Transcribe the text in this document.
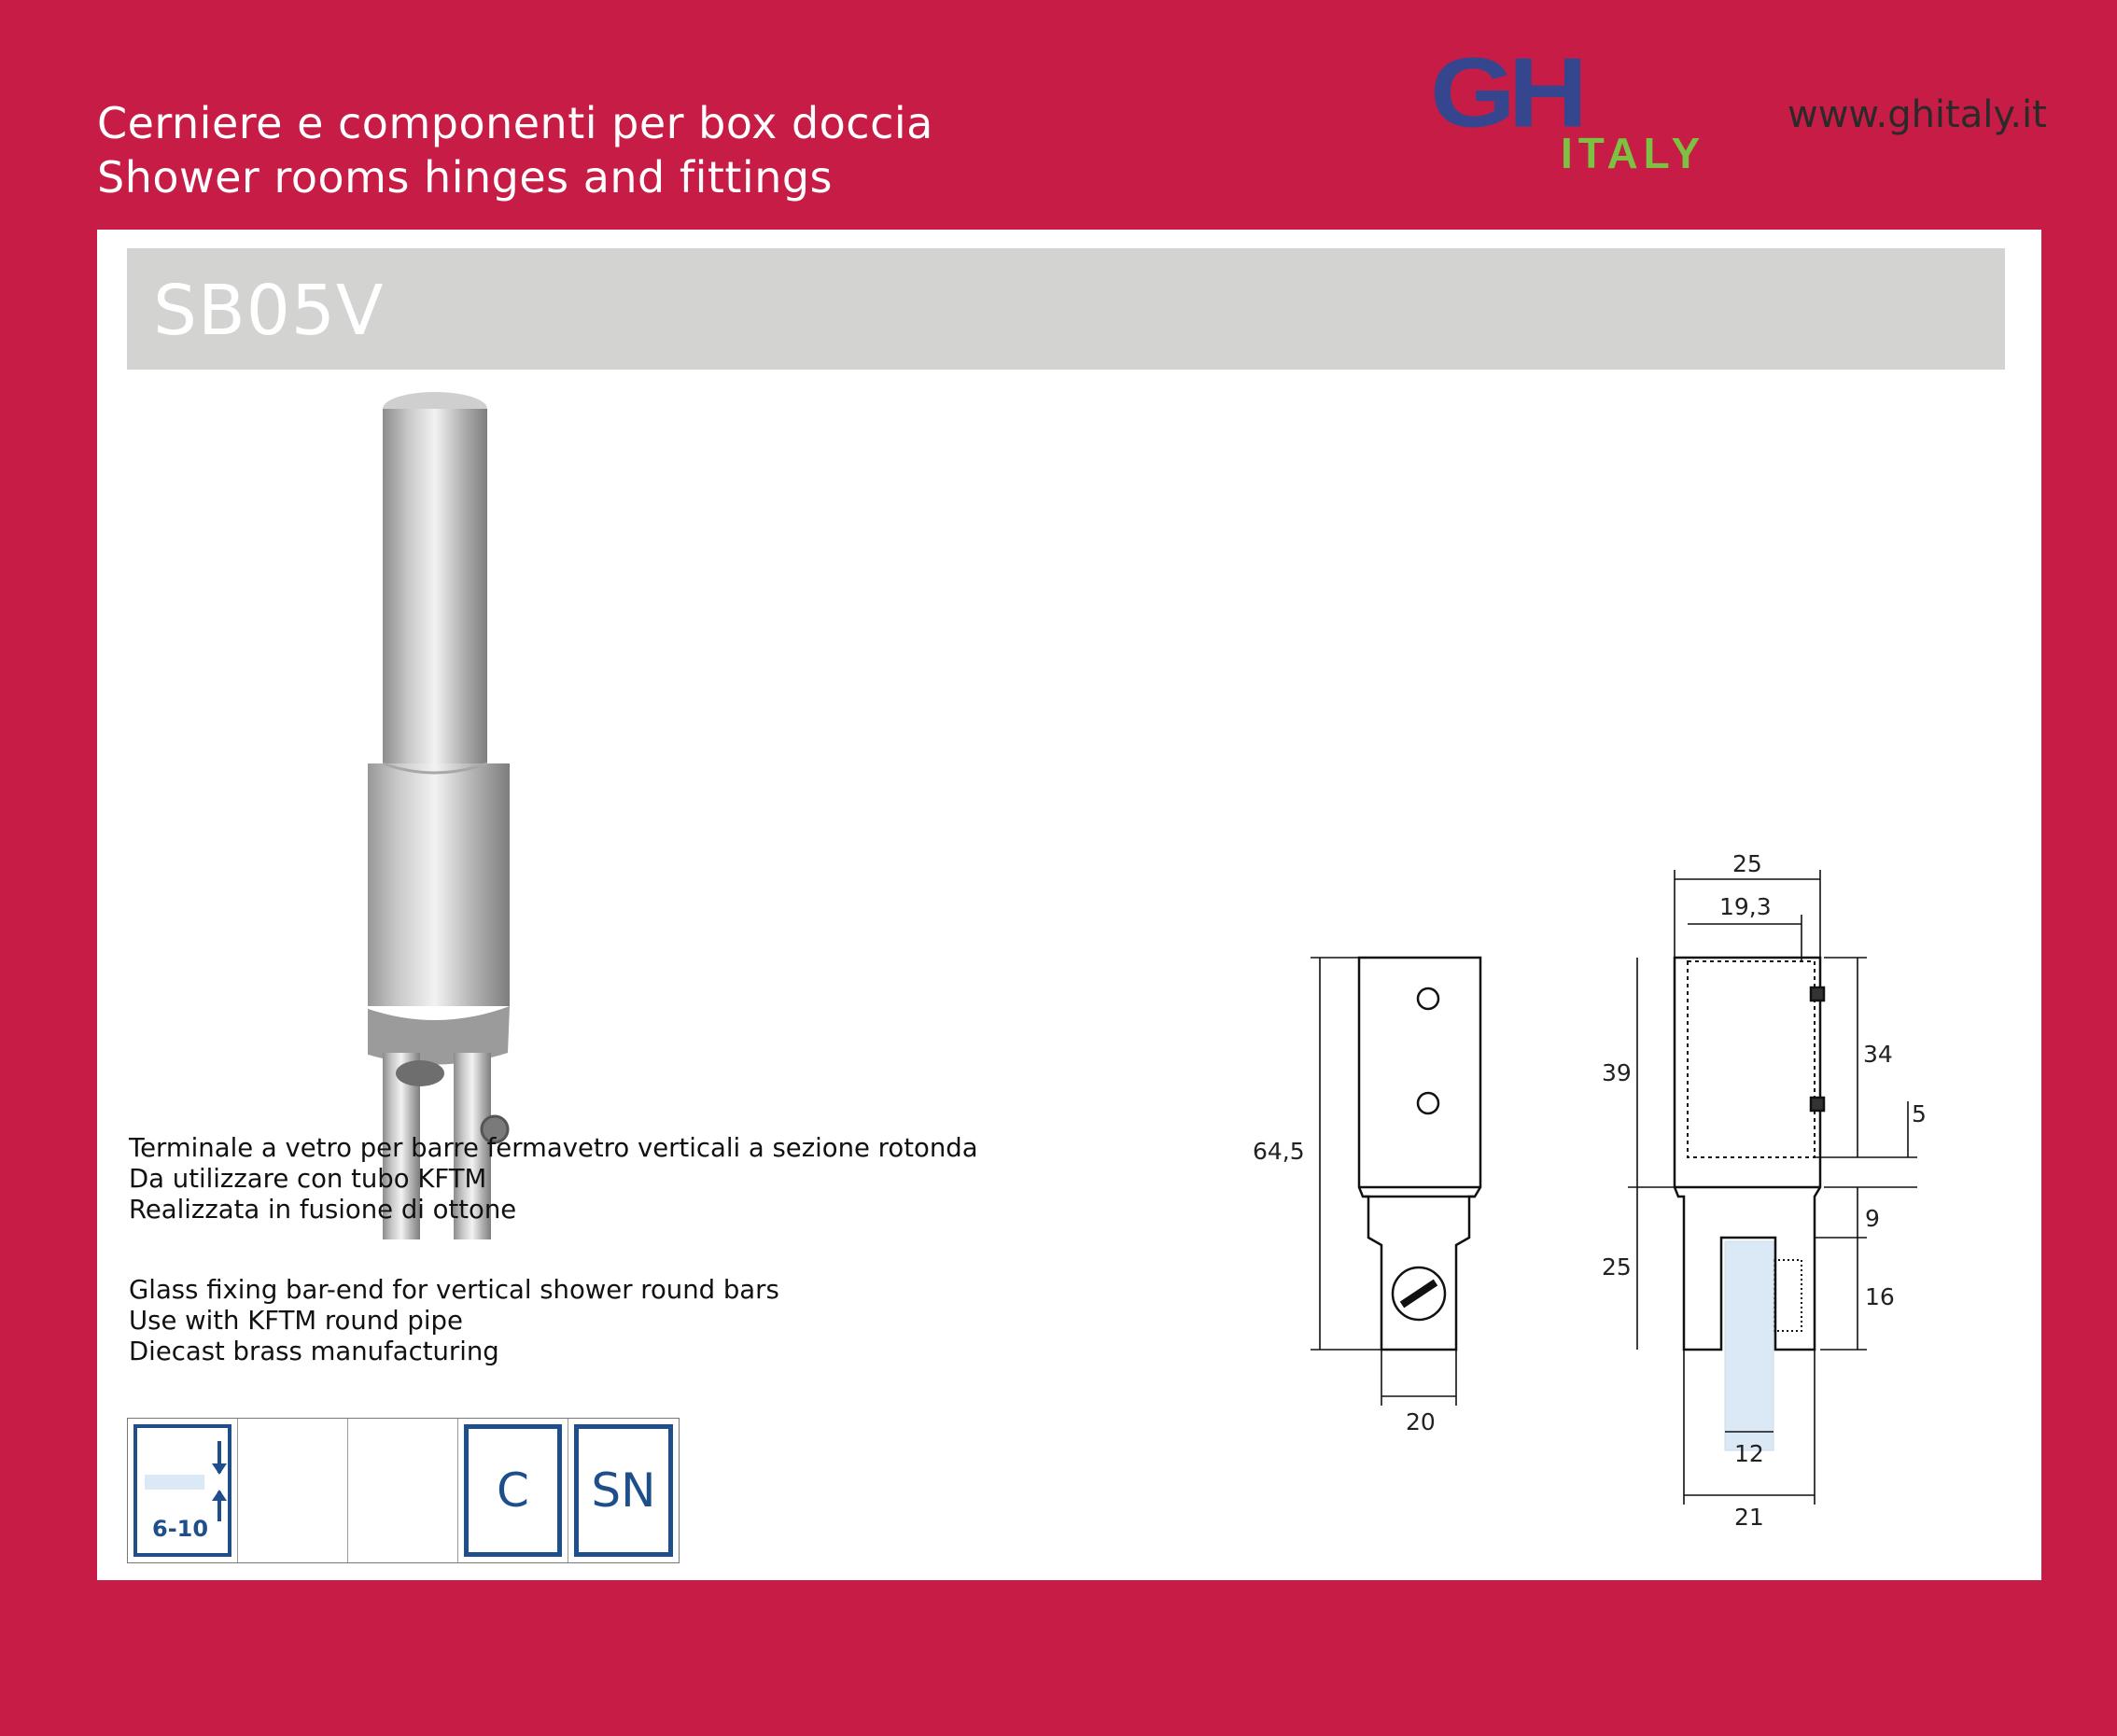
Cerniere e componenti per box doccia
Shower rooms hinges and fittings
GH
ITALY
www.ghitaly.it
SB05V
Terminale a vetro per barre fermavetro verticali a sezione rotonda
Da utilizzare con tubo KFTM
Realizzata in fusione di ottone
Glass fixing bar-end for vertical shower round bars
Use with KFTM round pipe
Diecast brass manufacturing
6-10
C	SN
64,5
20
25
19,3
39
25
34
5
9
16
12
21
